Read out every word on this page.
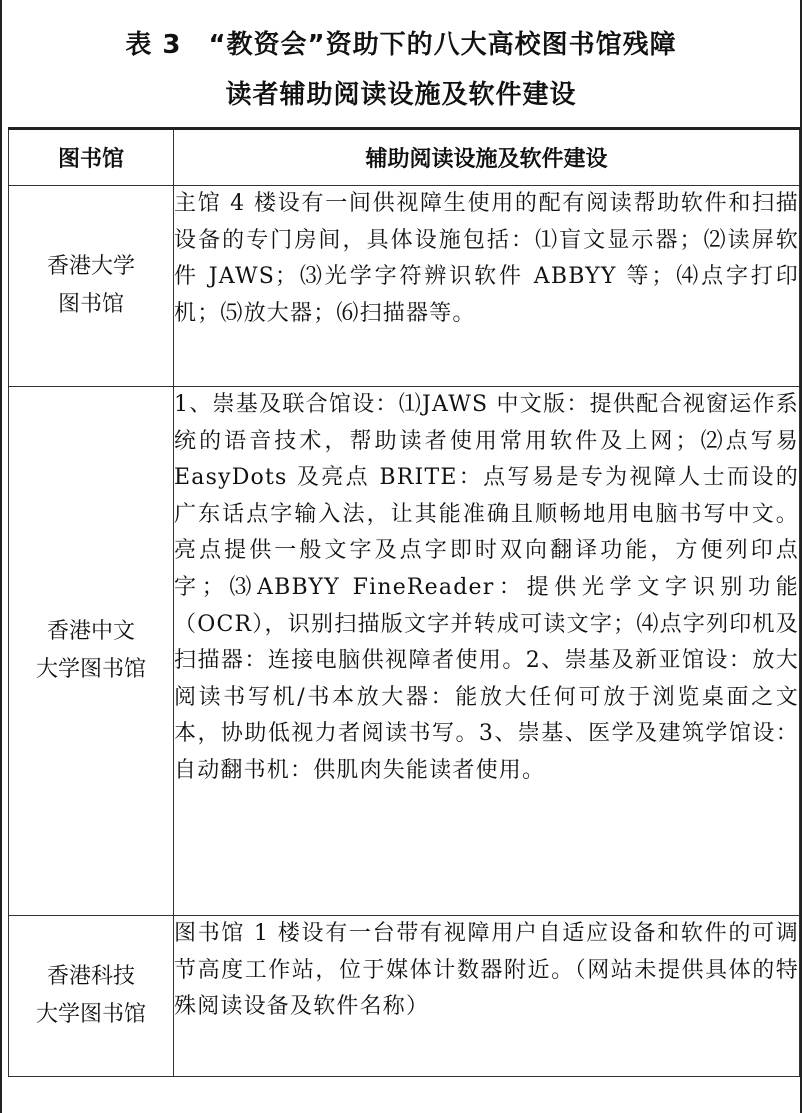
表 3　“教资会”资助下的八大高校图书馆残障
读者辅助阅读设施及软件建设
图书馆	辅助阅读设施及软件建设

香港大学
图书馆	主馆 4 楼设有一间供视障生使用的配有阅读帮助软件和扫描设备的专门房间，具体设施包括：⑴盲文显示器；⑵读屏软件 JAWS；⑶光学字符辨识软件 ABBYY 等；⑷点字打印机；⑸放大器；⑹扫描器等。

香港中文
大学图书馆	1、崇基及联合馆设：⑴JAWS 中文版：提供配合视窗运作系统的语音技术，帮助读者使用常用软件及上网；⑵点写易 EasyDots 及亮点 BRITE：点写易是专为视障人士而设的广东话点字输入法，让其能准确且顺畅地用电脑书写中文。亮点提供一般文字及点字即时双向翻译功能，方便列印点字；⑶ABBYY FineReader：提供光学文字识别功能（OCR），识别扫描版文字并转成可读文字；⑷点字列印机及扫描器：连接电脑供视障者使用。2、崇基及新亚馆设：放大阅读书写机/书本放大器：能放大任何可放于浏览桌面之文本，协助低视力者阅读书写。3、崇基、医学及建筑学馆设：自动翻书机：供肌肉失能读者使用。

香港科技
大学图书馆	图书馆 1 楼设有一台带有视障用户自适应设备和软件的可调节高度工作站，位于媒体计数器附近。（网站未提供具体的特殊阅读设备及软件名称）
